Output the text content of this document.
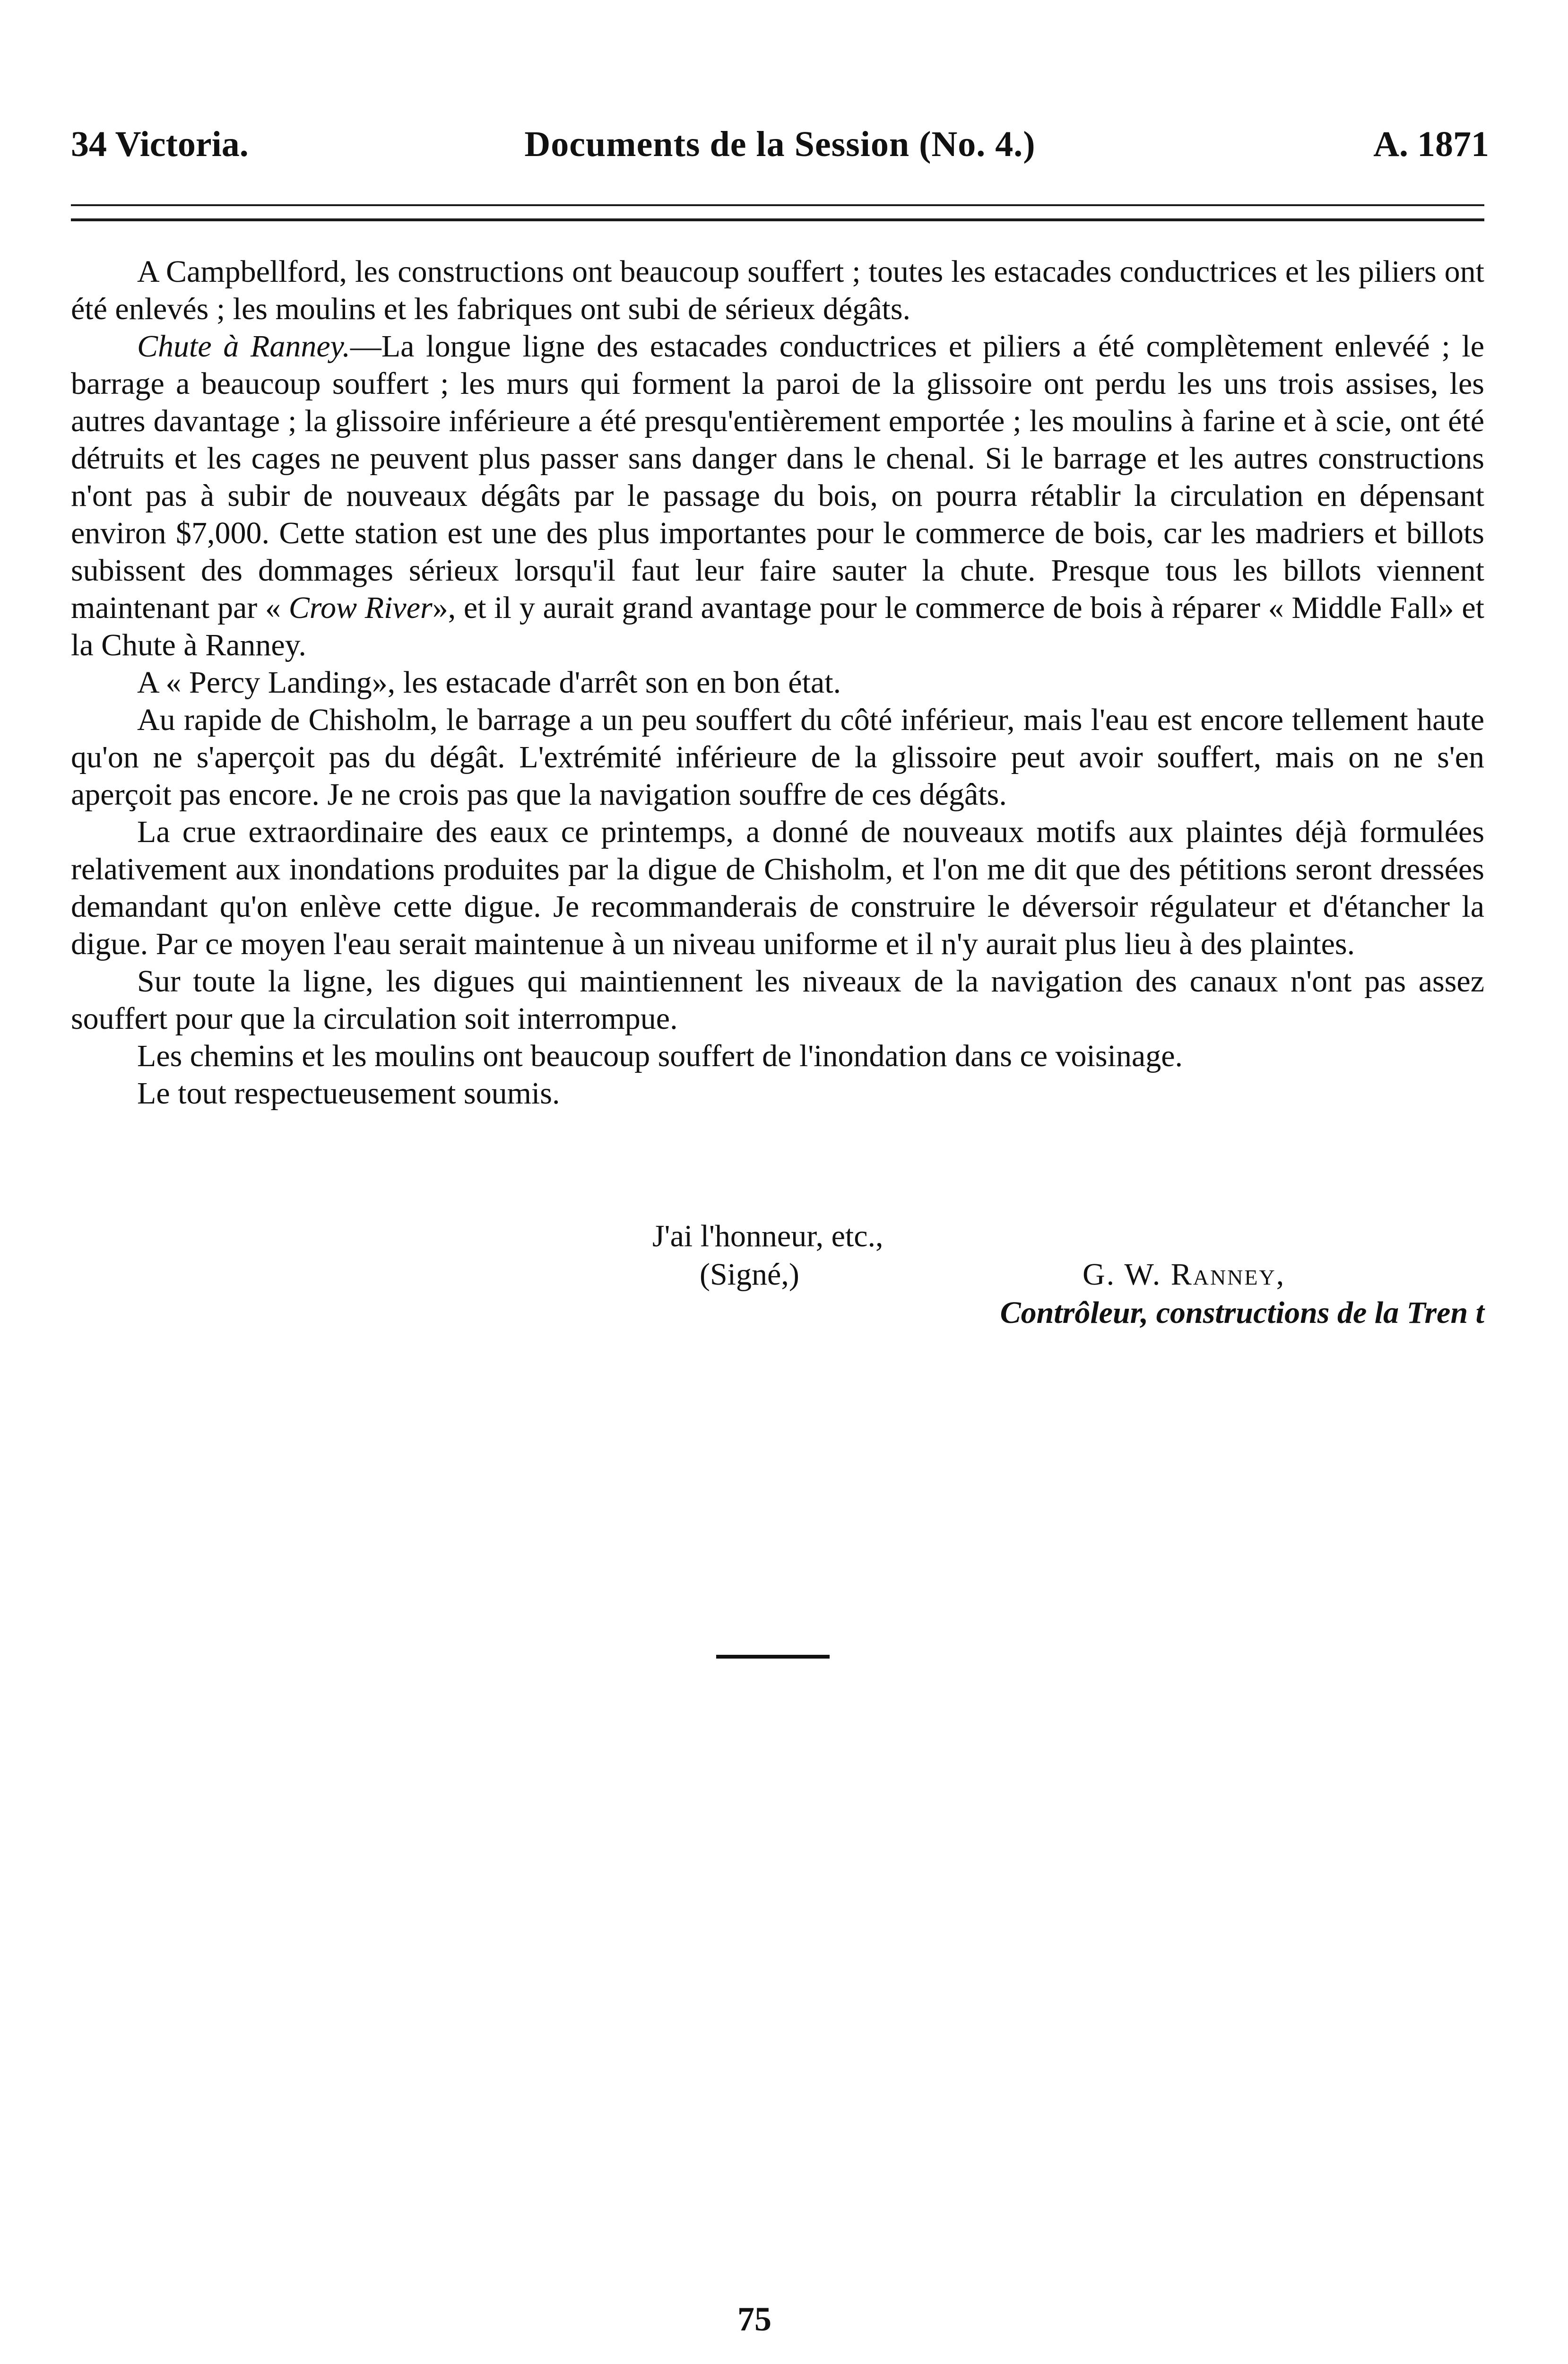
34 Victoria.	Documents de la Session (No. 4.)	A. 1871

A Campbellford, les constructions ont beaucoup souffert ; toutes les estacades conductrices et les piliers ont été enlevés ; les moulins et les fabriques ont subi de sérieux dégâts.

Chute à Ranney.—La longue ligne des estacades conductrices et piliers a été complètement enlevéé ; le barrage a beaucoup souffert ; les murs qui forment la paroi de la glissoire ont perdu les uns trois assises, les autres davantage ; la glissoire inférieure a été presqu'entièrement emportée ; les moulins à farine et à scie, ont été détruits et les cages ne peuvent plus passer sans danger dans le chenal. Si le barrage et les autres constructions n'ont pas à subir de nouveaux dégâts par le passage du bois, on pourra rétablir la circulation en dépensant environ $7,000. Cette station est une des plus importantes pour le commerce de bois, car les madriers et billots subissent des dommages sérieux lorsqu'il faut leur faire sauter la chute. Presque tous les billots viennent maintenant par « Crow River», et il y aurait grand avantage pour le commerce de bois à réparer « Middle Fall» et la Chute à Ranney.

A « Percy Landing», les estacade d'arrêt son en bon état.

Au rapide de Chisholm, le barrage a un peu souffert du côté inférieur, mais l'eau est encore tellement haute qu'on ne s'aperçoit pas du dégât. L'extrémité inférieure de la glissoire peut avoir souffert, mais on ne s'en aperçoit pas encore. Je ne crois pas que la navigation souffre de ces dégâts.

La crue extraordinaire des eaux ce printemps, a donné de nouveaux motifs aux plaintes déjà formulées relativement aux inondations produites par la digue de Chisholm, et l'on me dit que des pétitions seront dressées demandant qu'on enlève cette digue. Je recommanderais de construire le déversoir régulateur et d'étancher la digue. Par ce moyen l'eau serait maintenue à un niveau uniforme et il n'y aurait plus lieu à des plaintes.

Sur toute la ligne, les digues qui maintiennent les niveaux de la navigation des canaux n'ont pas assez souffert pour que la circulation soit interrompue.

Les chemins et les moulins ont beaucoup souffert de l'inondation dans ce voisinage.

Le tout respectueusement soumis.

J'ai l'honneur, etc.,
(Signé,)	G. W. Ranney,
Contrôleur, constructions de la Tren t
75
